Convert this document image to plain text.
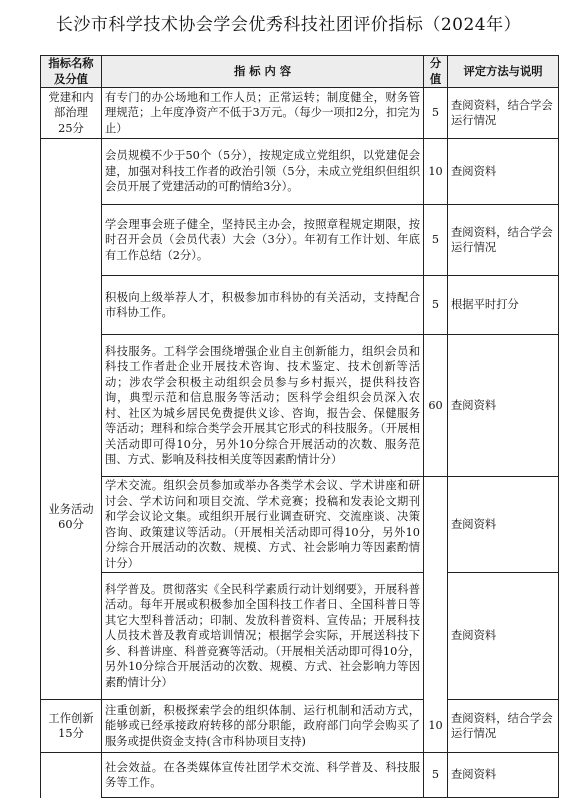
长沙市科学技术协会学会优秀科技社团评价指标（2024年）
指标名称及分值	指 标 内 容	分值	评定方法与说明
党建和内部治理
25分	有专门的办公场地和工作人员；正常运转；制度健全，财务管理规范；上年度净资产不低于3万元。（每少一项扣2分，扣完为止）	5	查阅资料，结合学会运行情况
	会员规模不少于50个（5分），按规定成立党组织，以党建促会建，加强对科技工作者的政治引领（5分，未成立党组织但组织会员开展了党建活动的可酌情给3分）。	10	查阅资料
	学会理事会班子健全，坚持民主办会，按照章程规定期限，按时召开会员（会员代表）大会（3分）。年初有工作计划、年底有工作总结（2分）。	5	查阅资料，结合学会运行情况
	积极向上级举荐人才，积极参加市科协的有关活动，支持配合市科协工作。	5	根据平时打分
业务活动
60分	科技服务。工科学会围绕增强企业自主创新能力，组织会员和科技工作者赴企业开展技术咨询、技术鉴定、技术创新等活动；涉农学会积极主动组织会员参与乡村振兴，提供科技咨询，典型示范和信息服务等活动；医科学会组织会员深入农村、社区为城乡居民免费提供义诊、咨询，报告会、保健服务等活动；理科和综合类学会开展其它形式的科技服务。（开展相关活动即可得10分，另外10分综合开展活动的次数、服务范围、方式、影响及科技相关度等因素酌情计分）	60	查阅资料
	学术交流。组织会员参加或举办各类学术会议、学术讲座和研讨会、学术访问和项目交流、学术竞赛；投稿和发表论文期刊和学会议论文集。或组织开展行业调查研究、交流座谈、决策咨询、政策建议等活动。（开展相关活动即可得10分，另外10分综合开展活动的次数、规模、方式、社会影响力等因素酌情计分）		查阅资料
	科学普及。贯彻落实《全民科学素质行动计划纲要》，开展科普活动。每年开展或积极参加全国科技工作者日、全国科普日等其它大型科普活动；印制、发放科普资料、宣传品；开展科技人员技术普及教育或培训情况；根据学会实际，开展送科技下乡、科普讲座、科普竞赛等活动。（开展相关活动即可得10分，另外10分综合开展活动的次数、规模、方式、社会影响力等因素酌情计分）		查阅资料
工作创新
15分	注重创新，积极探索学会的组织体制、运行机制和活动方式，能够或已经承接政府转移的部分职能，政府部门向学会购买了服务或提供资金支持(含市科协项目支持)	10	查阅资料，结合学会运行情况
	社会效益。在各类媒体宣传社团学术交流、科学普及、科技服务等工作。	5	查阅资料
